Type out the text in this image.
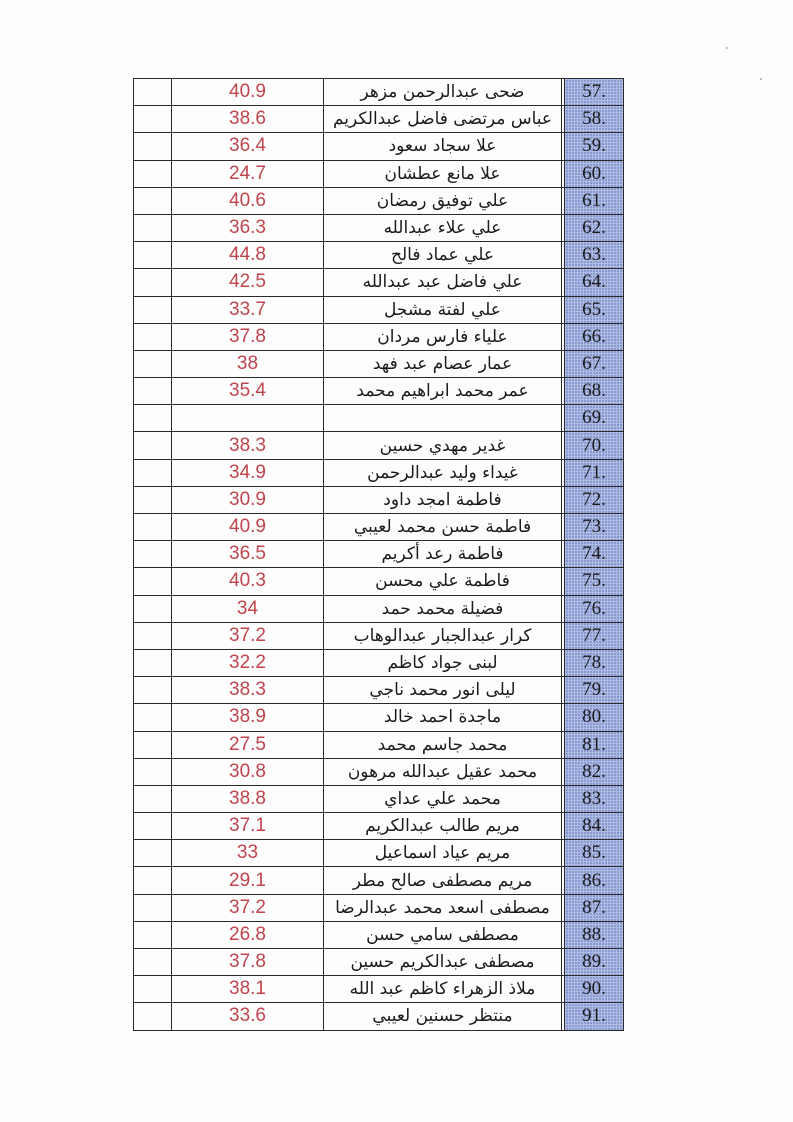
	40.9	ضحى عبدالرحمن مزهر		57.
	38.6	عباس مرتضى فاضل عبدالكريم		58.
	36.4	علا سجاد سعود		59.
	24.7	علا مانع عطشان		60.
	40.6	علي توفيق رمضان		61.
	36.3	علي علاء عبدالله		62.
	44.8	علي عماد فالح		63.
	42.5	علي فاضل عبد عبدالله		64.
	33.7	علي لفتة مشجل		65.
	37.8	علياء فارس مردان		66.
	38	عمار عصام عبد فهد		67.
	35.4	عمر محمد ابراهيم محمد		68.
				69.
	38.3	غدير مهدي حسين		70.
	34.9	غيداء وليد عبدالرحمن		71.
	30.9	فاطمة امجد داود		72.
	40.9	فاطمة حسن محمد لعيبي		73.
	36.5	فاطمة رعد أكريم		74.
	40.3	فاطمة علي محسن		75.
	34	فضيلة محمد حمد		76.
	37.2	كرار عبدالجبار عبدالوهاب		77.
	32.2	لبنى جواد كاظم		78.
	38.3	ليلى انور محمد ناجي		79.
	38.9	ماجدة احمد خالد		80.
	27.5	محمد جاسم محمد		81.
	30.8	محمد عقيل عبدالله مرهون		82.
	38.8	محمد علي عداي		83.
	37.1	مريم طالب عبدالكريم		84.
	33	مريم عياد اسماعيل		85.
	29.1	مريم مصطفى صالح مطر		86.
	37.2	مصطفى اسعد محمد عبدالرضا		87.
	26.8	مصطفى سامي حسن		88.
	37.8	مصطفى عبدالكريم حسين		89.
	38.1	ملاذ الزهراء كاظم عبد الله		90.
	33.6	منتظر حسنين لعيبي		91.
